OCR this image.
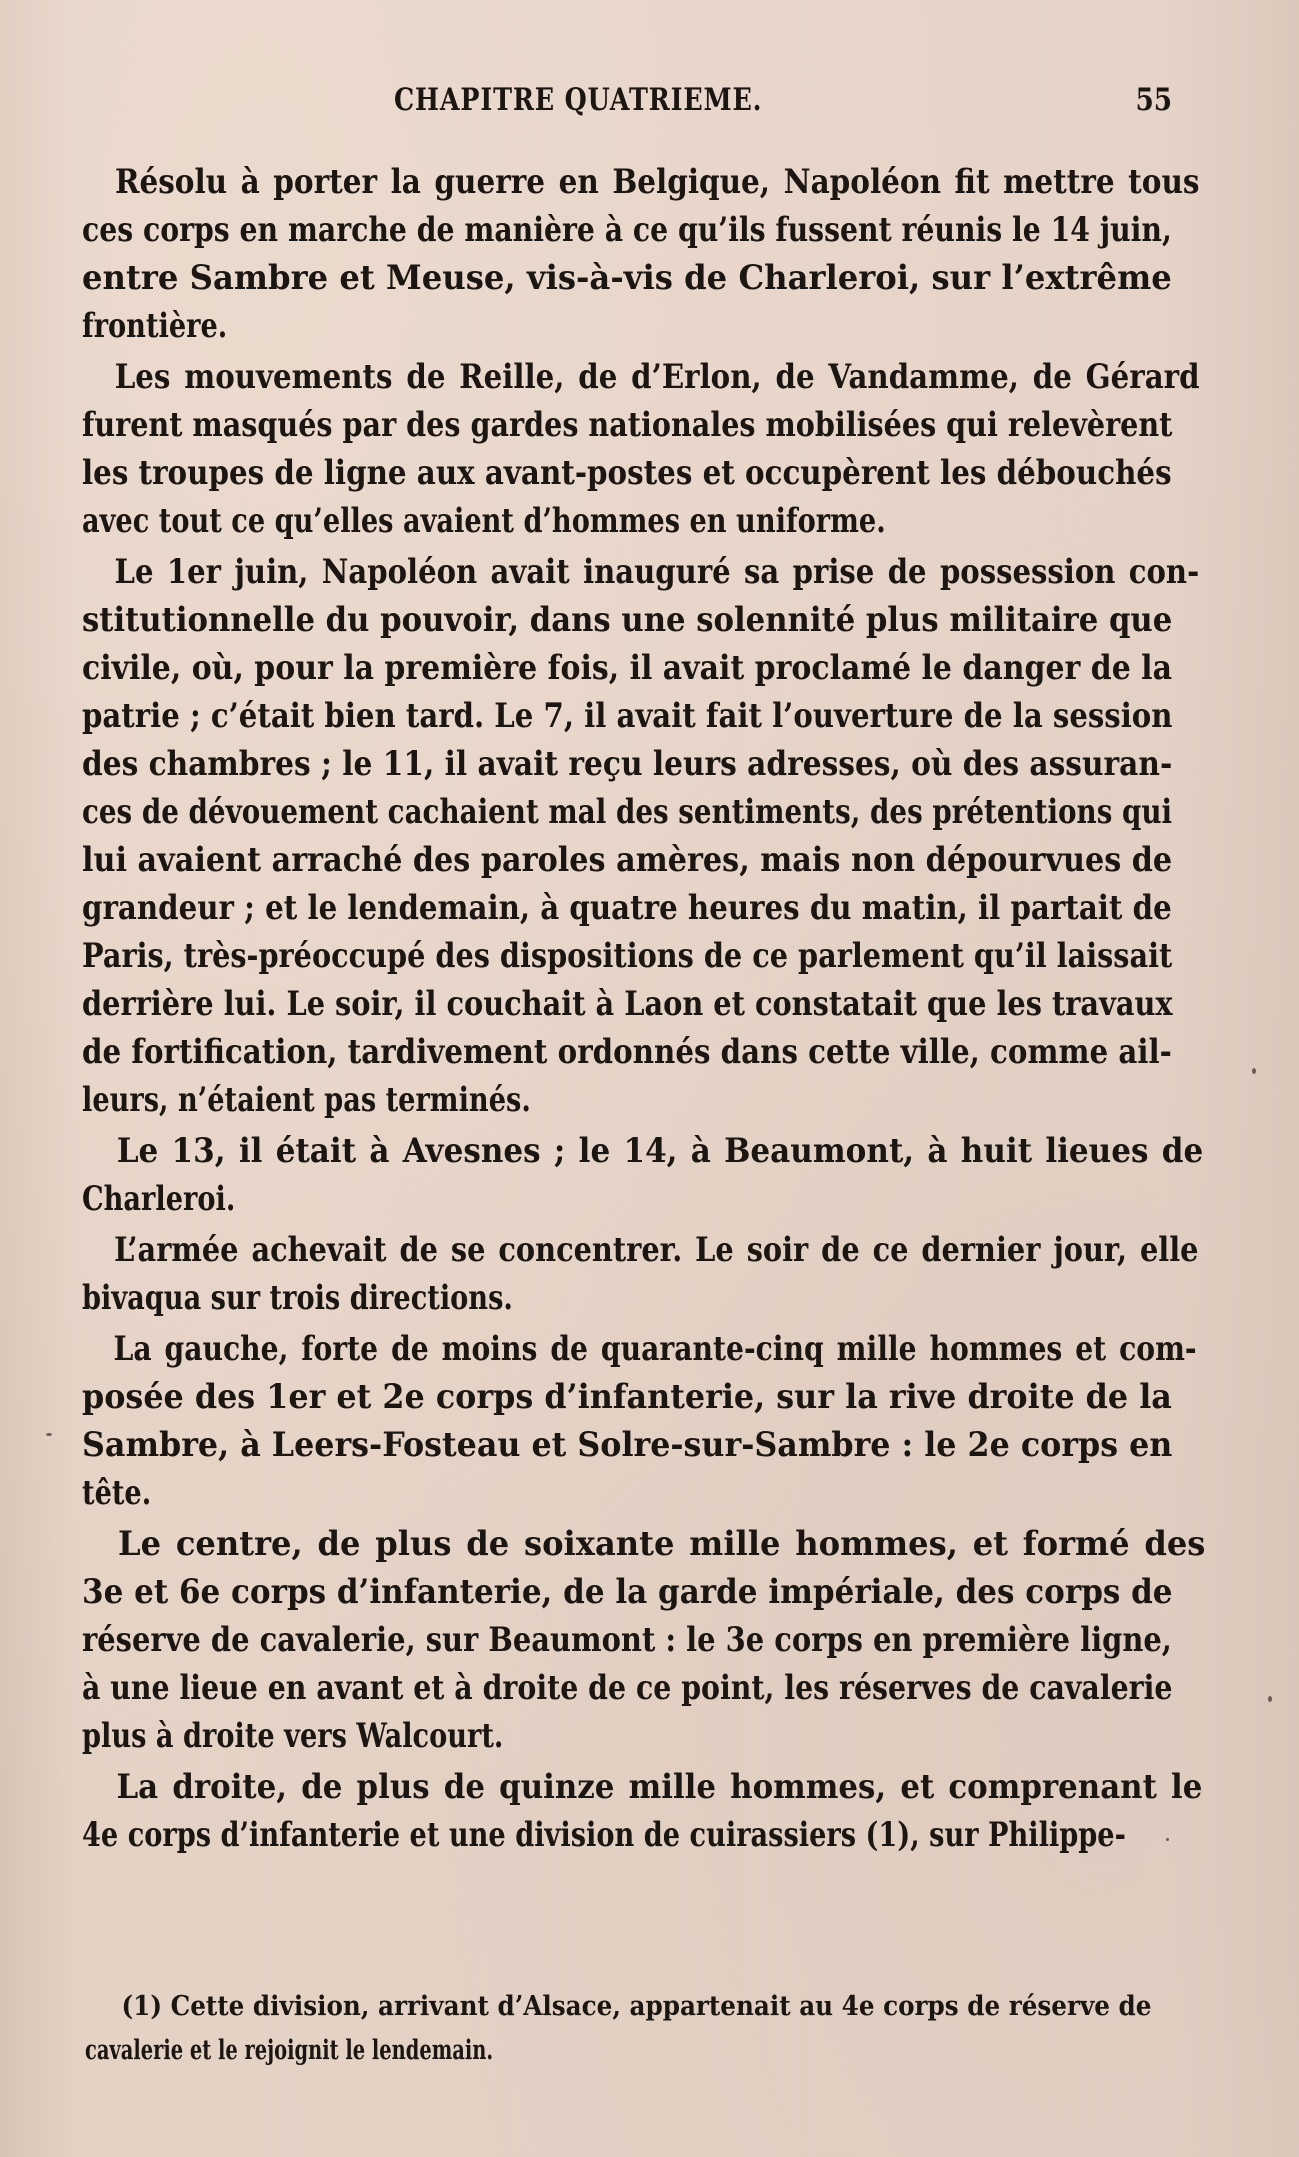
CHAPITRE QUATRIEME.	55
Résolu à porter la guerre en Belgique, Napoléon fit mettre tous
ces corps en marche de manière à ce qu’ils fussent réunis le 14 juin,
entre Sambre et Meuse, vis-à-vis de Charleroi, sur l’extrême
frontière.
Les mouvements de Reille, de d’Erlon, de Vandamme, de Gérard
furent masqués par des gardes nationales mobilisées qui relevèrent
les troupes de ligne aux avant-postes et occupèrent les débouchés
avec tout ce qu’elles avaient d’hommes en uniforme.
Le 1er juin, Napoléon avait inauguré sa prise de possession con-
stitutionnelle du pouvoir, dans une solennité plus militaire que
civile, où, pour la première fois, il avait proclamé le danger de la
patrie ; c’était bien tard. Le 7, il avait fait l’ouverture de la session
des chambres ; le 11, il avait reçu leurs adresses, où des assuran-
ces de dévouement cachaient mal des sentiments, des prétentions qui
lui avaient arraché des paroles amères, mais non dépourvues de
grandeur ; et le lendemain, à quatre heures du matin, il partait de
Paris, très-préoccupé des dispositions de ce parlement qu’il laissait
derrière lui. Le soir, il couchait à Laon et constatait que les travaux
de fortification, tardivement ordonnés dans cette ville, comme ail-
leurs, n’étaient pas terminés.
Le 13, il était à Avesnes ; le 14, à Beaumont, à huit lieues de
Charleroi.
L’armée achevait de se concentrer. Le soir de ce dernier jour, elle
bivaqua sur trois directions.
La gauche, forte de moins de quarante-cinq mille hommes et com-
posée des 1er et 2e corps d’infanterie, sur la rive droite de la
Sambre, à Leers-Fosteau et Solre-sur-Sambre : le 2e corps en
tête.
Le centre, de plus de soixante mille hommes, et formé des
3e et 6e corps d’infanterie, de la garde impériale, des corps de
réserve de cavalerie, sur Beaumont : le 3e corps en première ligne,
à une lieue en avant et à droite de ce point, les réserves de cavalerie
plus à droite vers Walcourt.
La droite, de plus de quinze mille hommes, et comprenant le
4e corps d’infanterie et une division de cuirassiers (1), sur Philippe-
(1) Cette division, arrivant d’Alsace, appartenait au 4e corps de réserve de
cavalerie et le rejoignit le lendemain.
